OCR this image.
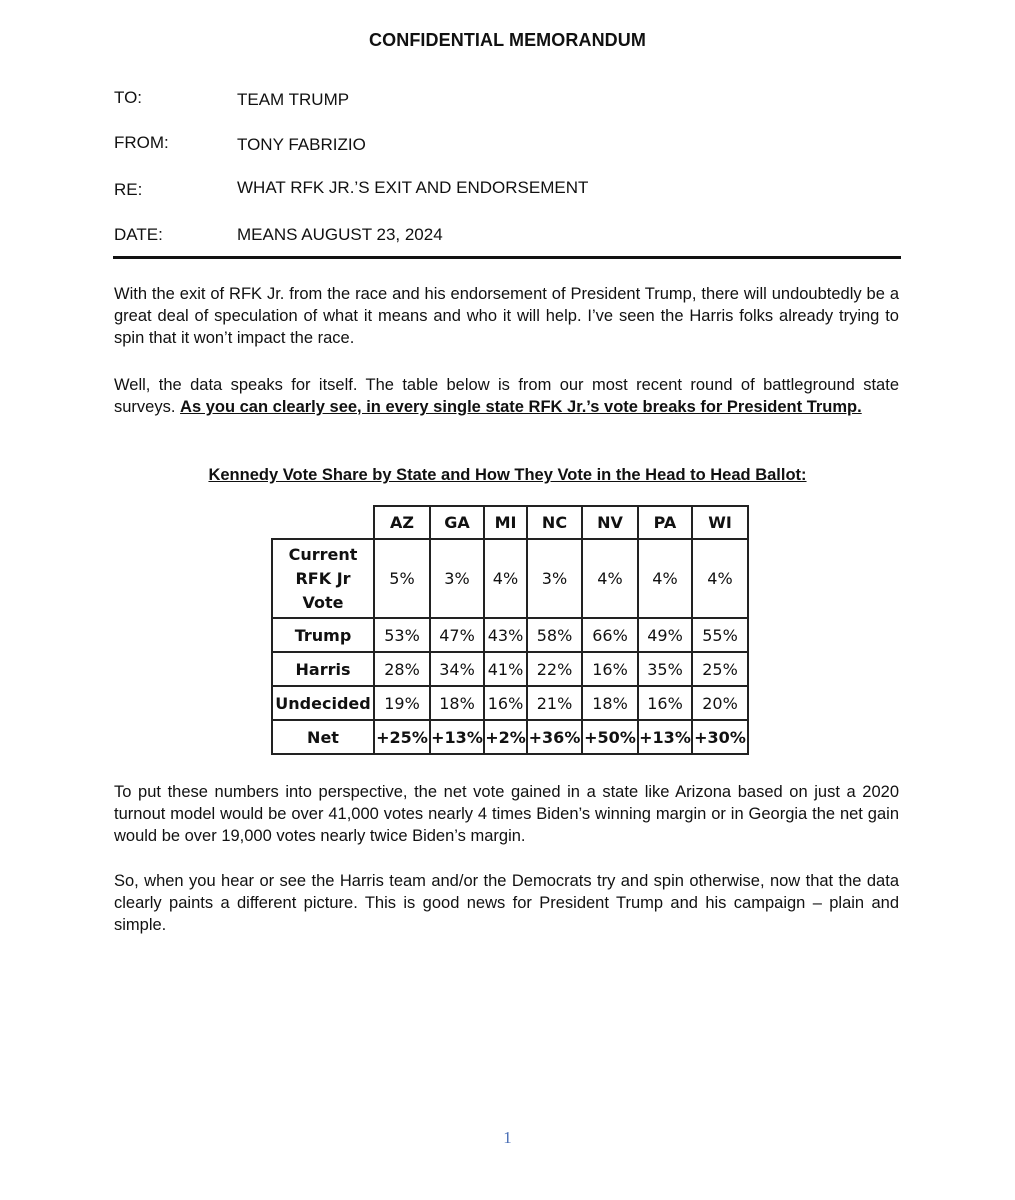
CONFIDENTIAL MEMORANDUM
TO:	TEAM TRUMP
FROM:	TONY FABRIZIO
RE:	WHAT RFK JR.’S EXIT AND ENDORSEMENT
DATE:	MEANS AUGUST 23, 2024

With the exit of RFK Jr. from the race and his endorsement of President Trump, there will undoubtedly be a great deal of speculation of what it means and who it will help. I’ve seen the Harris folks already trying to spin that it won’t impact the race.

Well, the data speaks for itself. The table below is from our most recent round of battleground state surveys. As you can clearly see, in every single state RFK Jr.’s vote breaks for President Trump.

Kennedy Vote Share by State and How They Vote in the Head to Head Ballot:
	AZ	GA	MI	NC	NV	PA	WI

Current
RFK Jr
Vote	5%	3%	4%	3%	4%	4%	4%
Trump	53%	47%	43%	58%	66%	49%	55%
Harris	28%	34%	41%	22%	16%	35%	25%
Undecided	19%	18%	16%	21%	18%	16%	20%
Net	+25%	+13%	+2%	+36%	+50%	+13%	+30%

To put these numbers into perspective, the net vote gained in a state like Arizona based on just a 2020 turnout model would be over 41,000 votes nearly 4 times Biden’s winning margin or in Georgia the net gain would be over 19,000 votes nearly twice Biden’s margin.

So, when you hear or see the Harris team and/or the Democrats try and spin otherwise, now that the data clearly paints a different picture. This is good news for President Trump and his campaign – plain and simple.

1
